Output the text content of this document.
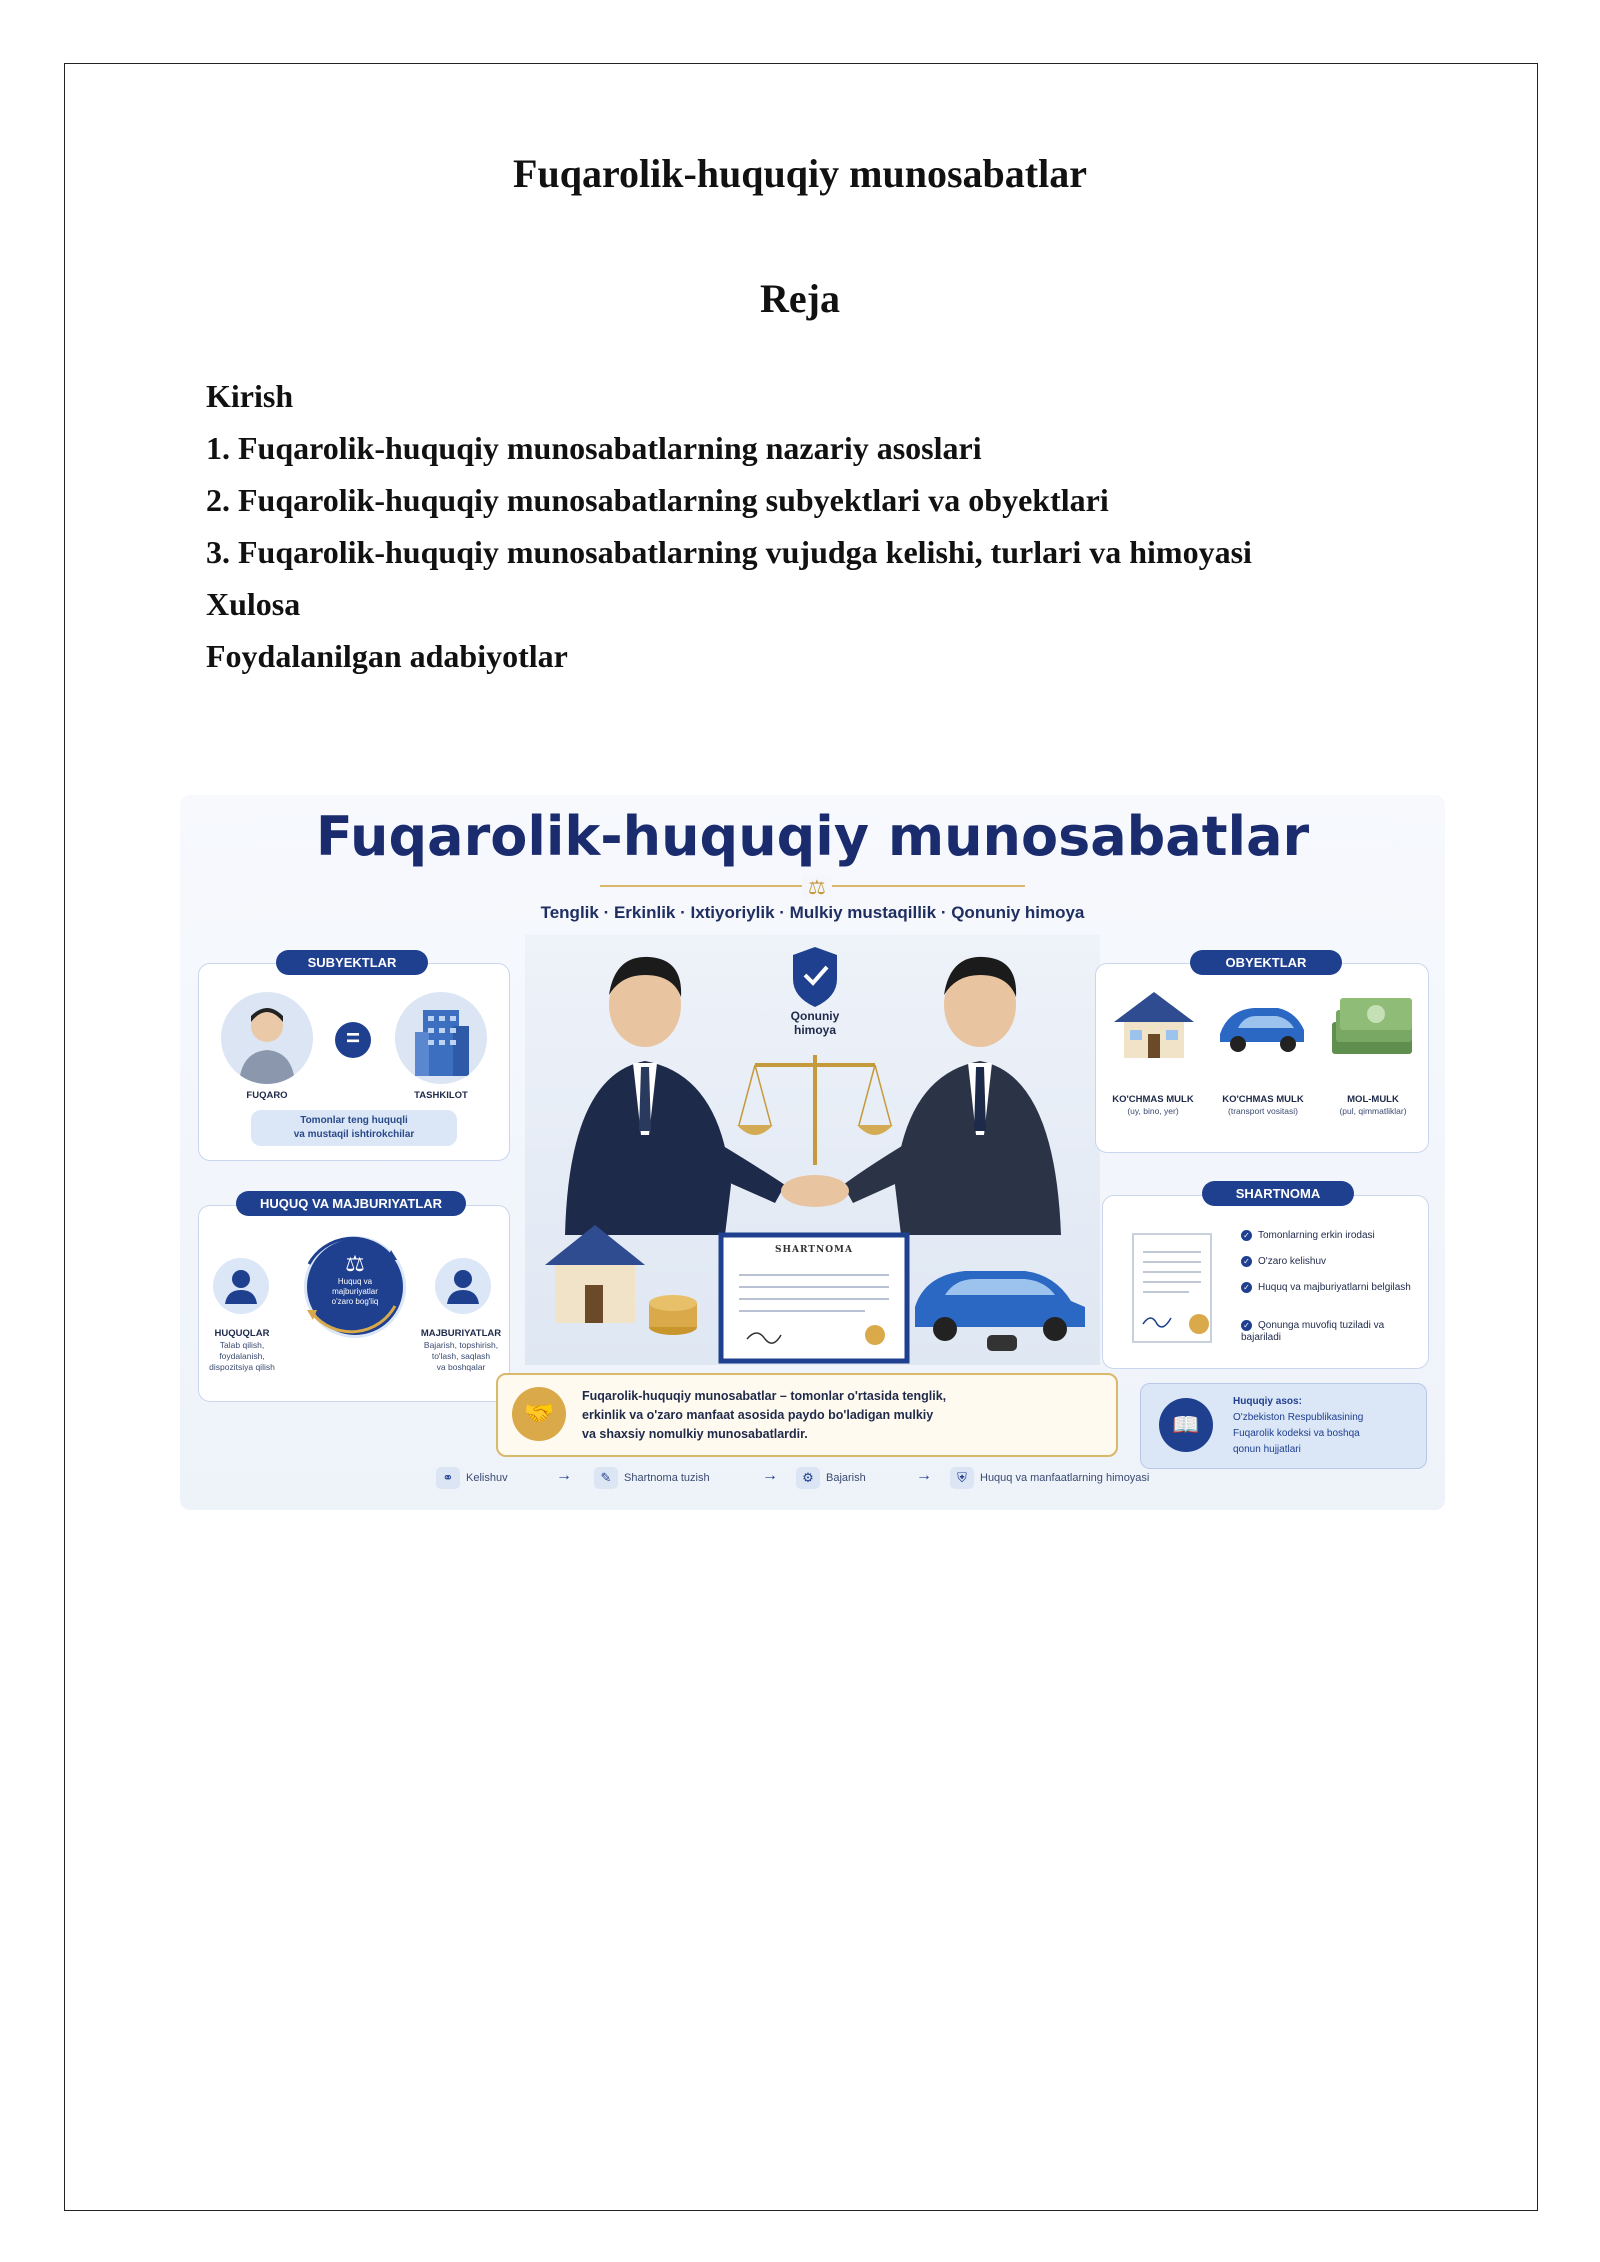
Fuqarolik-huquqiy munosabatlar
Reja
Kirish
1. Fuqarolik-huquqiy munosabatlarning nazariy asoslari
2. Fuqarolik-huquqiy munosabatlarning subyektlari va obyektlari
3. Fuqarolik-huquqiy munosabatlarning vujudga kelishi, turlari va himoyasi
Xulosa
Foydalanilgan adabiyotlar
Fuqarolik-huquqiy munosabatlar
⚖
Tenglik · Erkinlik · Ixtiyoriylik · Mulkiy mustaqillik · Qonuniy himoya
=
FUQARO	TASHKILOT
Tomonlar teng huquqli
va mustaqil ishtirokchilar
SUBYEKTLAR
⚖
Huquq va
majburiyatlar
o'zaro bog'liq
HUQUQLAR
Talab qilish,
foydalanish,
dispozitsiya qilish
MAJBURIYATLAR
Bajarish, topshirish,
to'lash, saqlash
va boshqalar
HUQUQ VA MAJBURIYATLAR
Qonuniy
himoya
SHARTNOMA
KO'CHMAS MULK
(uy, bino, yer)
KO'CHMAS MULK
(transport vositasi)
MOL-MULK
(pul, qimmatliklar)
OBYEKTLAR
✓ Tomonlarning erkin irodasi
✓ O'zaro kelishuv
✓ Huquq va majburiyatlarni belgilash
✓ Qonunga muvofiq tuziladi va bajariladi
SHARTNOMA
🤝
Fuqarolik-huquqiy munosabatlar – tomonlar o'rtasida tenglik,
erkinlik va o'zaro manfaat asosida paydo bo'ladigan mulkiy
va shaxsiy nomulkiy munosabatlardir.	📖
Huquqiy asos:
O'zbekiston Respublikasining
Fuqarolik kodeksi va boshqa
qonun hujjatlari
⚭ Kelishuv	→	✎ Shartnoma tuzish	→	⚙ Bajarish	→	⛨ Huquq va manfaatlarning himoyasi
